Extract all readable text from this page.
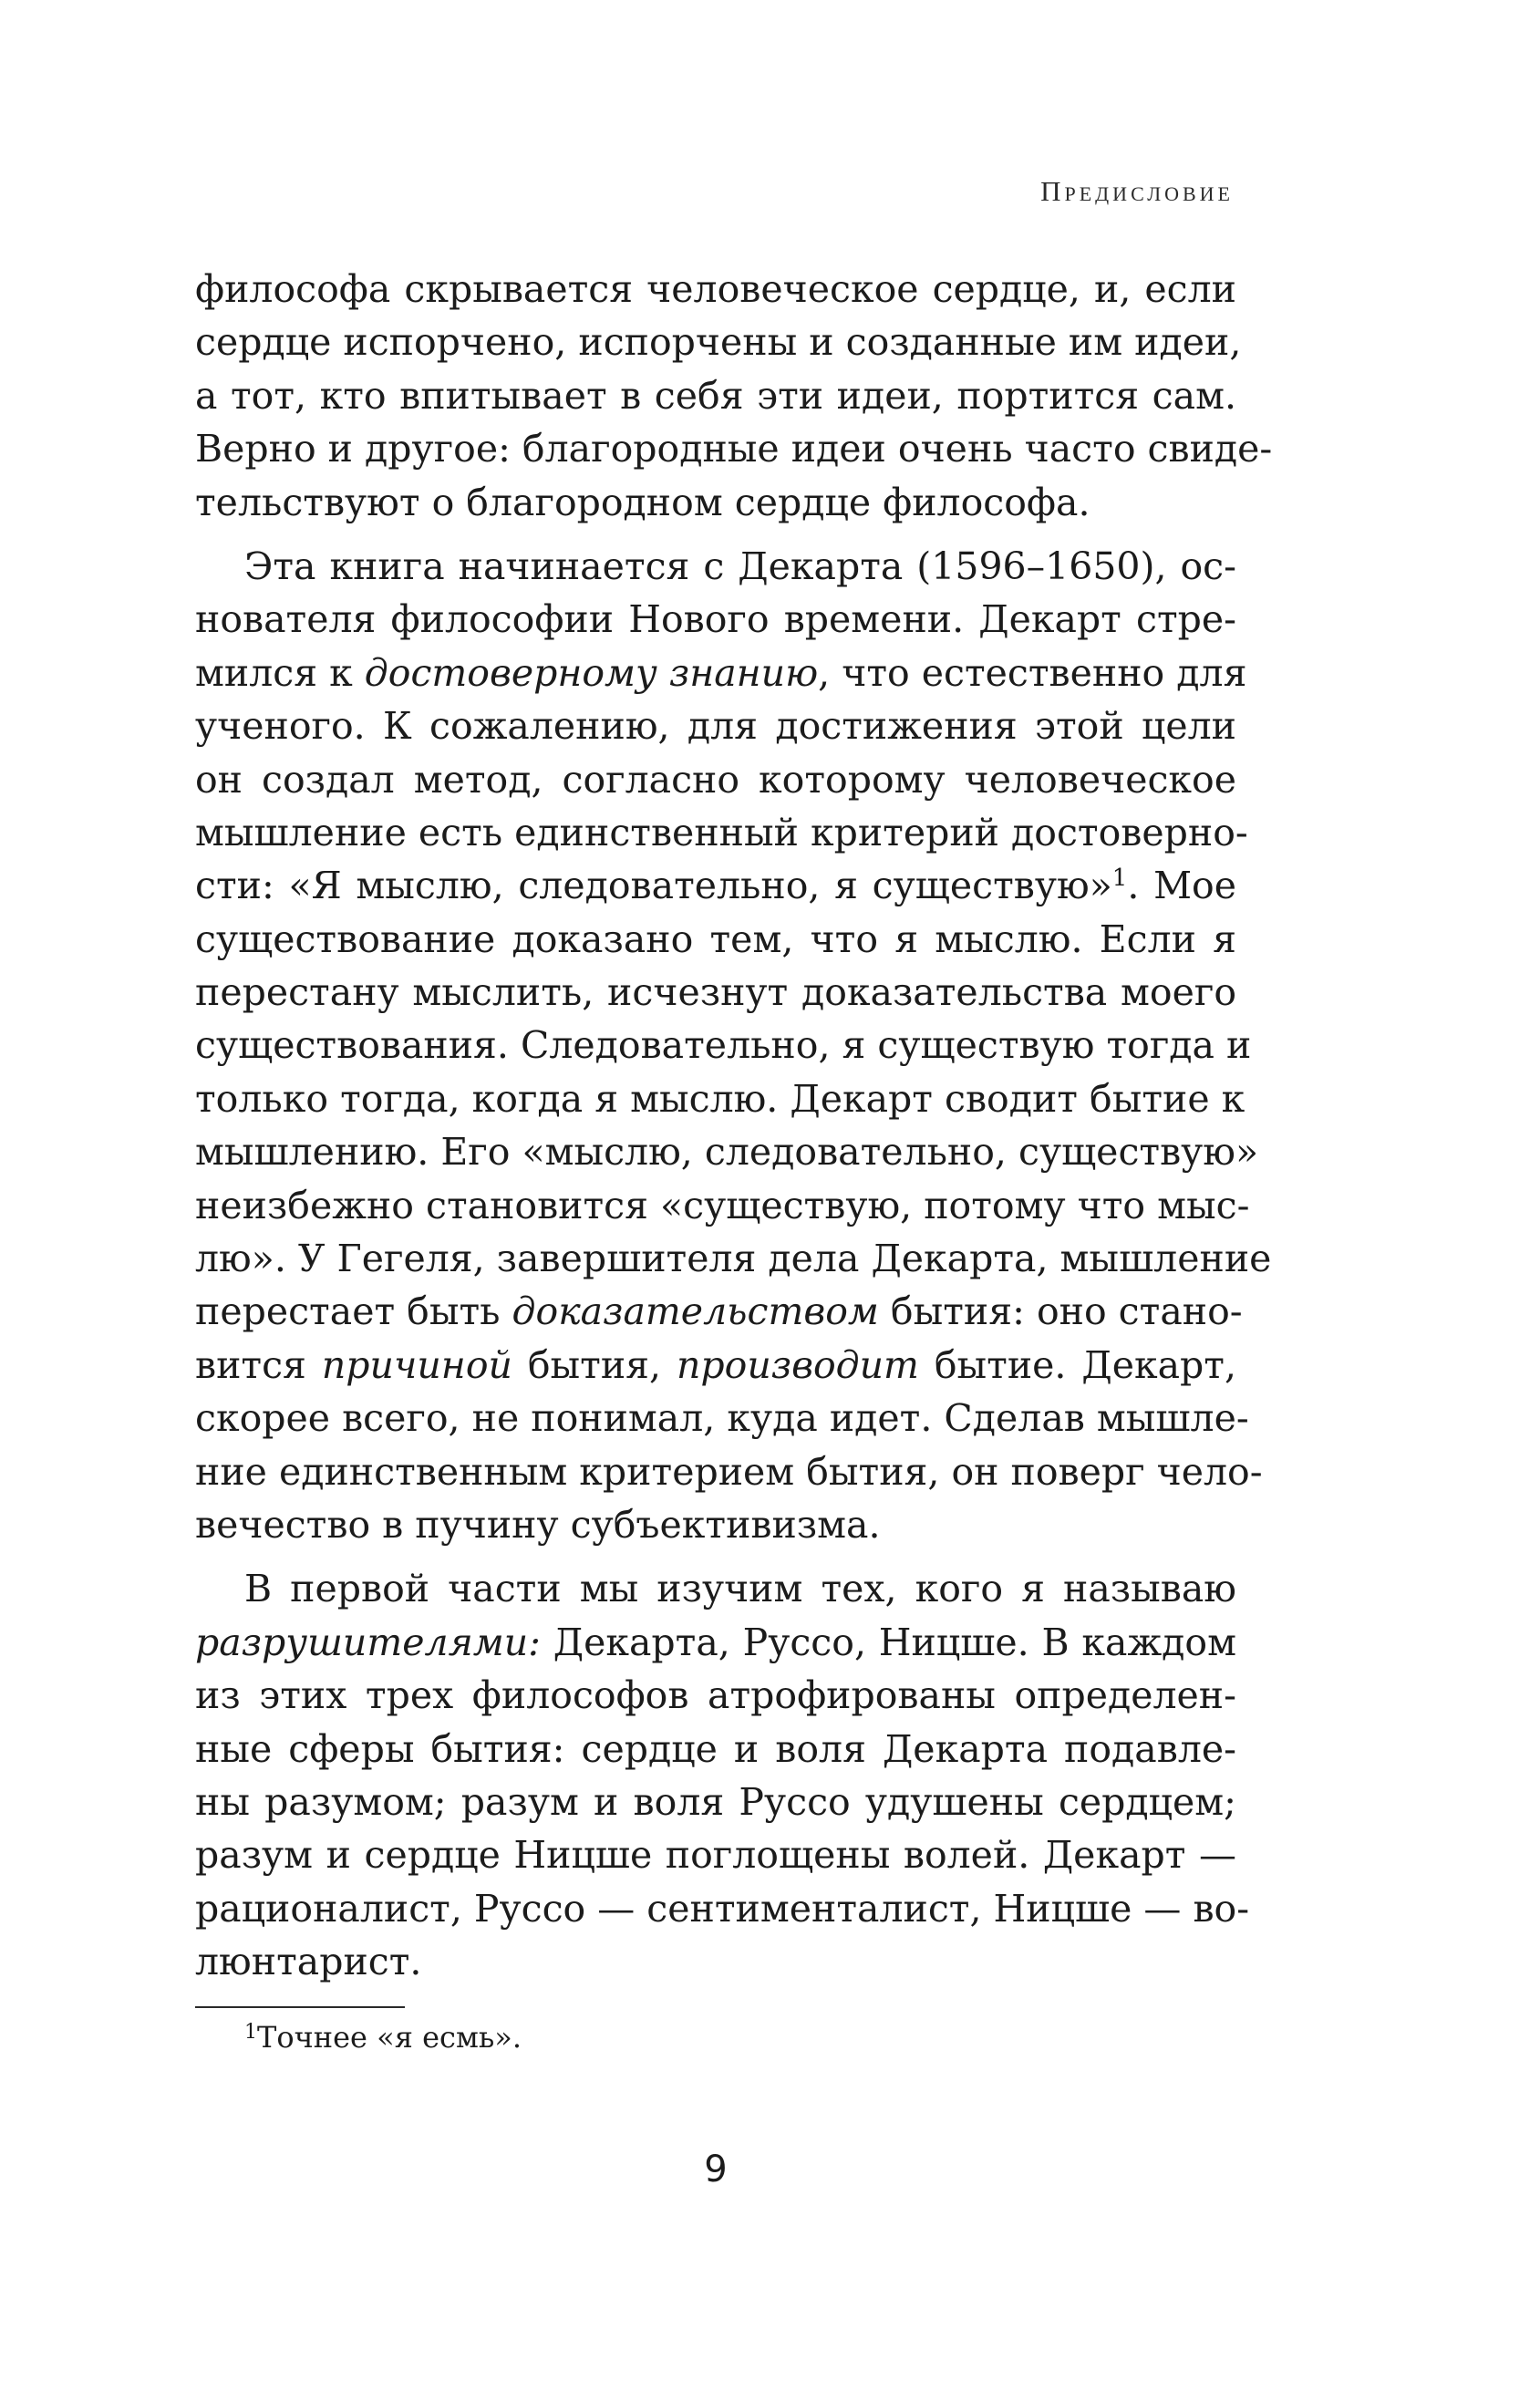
Предисловие
философа скрывается человеческое сердце, и, если
сердце испорчено, испорчены и созданные им идеи,
а тот, кто впитывает в себя эти идеи, портится сам.
Верно и другое: благородные идеи очень часто свиде-
тельствуют о благородном сердце философа.
Эта книга начинается с Декарта (1596–1650), ос-
нователя философии Нового времени. Декарт стре-
мился к достоверному знанию, что естественно для
ученого. К сожалению, для достижения этой цели
он создал метод, согласно которому человеческое
мышление есть единственный критерий достоверно-
сти: «Я мыслю, следовательно, я существую»$^1$. Мое
существование доказано тем, что я мыслю. Если я
перестану мыслить, исчезнут доказательства моего
существования. Следовательно, я существую тогда и
только тогда, когда я мыслю. Декарт сводит бытие к
мышлению. Его «мыслю, следовательно, существую»
неизбежно становится «существую, потому что мыс-
лю». У Гегеля, завершителя дела Декарта, мышление
перестает быть доказательством бытия: оно стано-
вится причиной бытия, производит бытие. Декарт,
скорее всего, не понимал, куда идет. Сделав мышле-
ние единственным критерием бытия, он поверг чело-
вечество в пучину субъективизма.
В первой части мы изучим тех, кого я называю
разрушителями: Декарта, Руссо, Ницше. В каждом
из этих трех философов атрофированы определен-
ные сферы бытия: сердце и воля Декарта подавле-
ны разумом; разум и воля Руссо удушены сердцем;
разум и сердце Ницше поглощены волей. Декарт —
рационалист, Руссо — сентименталист, Ницше — во-
люнтарист.
$^1$Точнее «я есмь».
9
